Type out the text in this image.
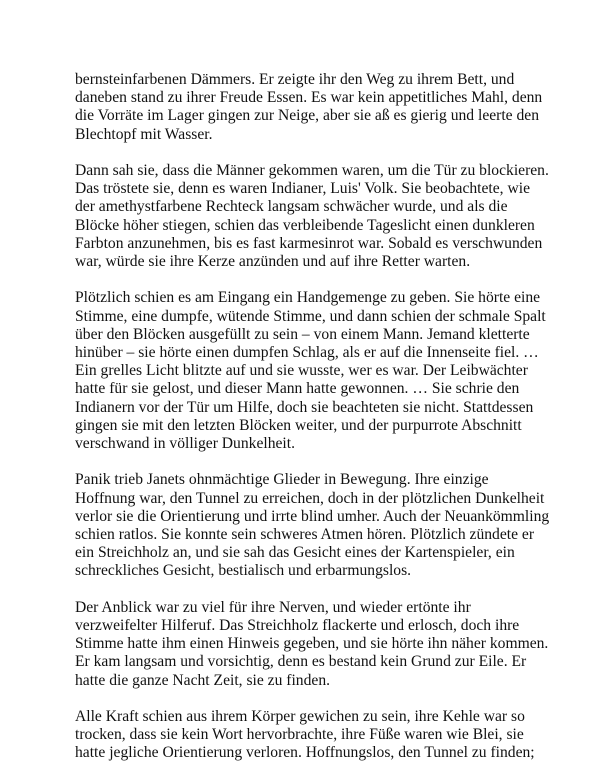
bernsteinfarbenen Dämmers. Er zeigte ihr den Weg zu ihrem Bett, und
daneben stand zu ihrer Freude Essen. Es war kein appetitliches Mahl, denn
die Vorräte im Lager gingen zur Neige, aber sie aß es gierig und leerte den
Blechtopf mit Wasser.

Dann sah sie, dass die Männer gekommen waren, um die Tür zu blockieren.
Das tröstete sie, denn es waren Indianer, Luis' Volk. Sie beobachtete, wie
der amethystfarbene Rechteck langsam schwächer wurde, und als die
Blöcke höher stiegen, schien das verbleibende Tageslicht einen dunkleren
Farbton anzunehmen, bis es fast karmesinrot war. Sobald es verschwunden
war, würde sie ihre Kerze anzünden und auf ihre Retter warten.

Plötzlich schien es am Eingang ein Handgemenge zu geben. Sie hörte eine
Stimme, eine dumpfe, wütende Stimme, und dann schien der schmale Spalt
über den Blöcken ausgefüllt zu sein – von einem Mann. Jemand kletterte
hinüber – sie hörte einen dumpfen Schlag, als er auf die Innenseite fiel. …
Ein grelles Licht blitzte auf und sie wusste, wer es war. Der Leibwächter
hatte für sie gelost, und dieser Mann hatte gewonnen. … Sie schrie den
Indianern vor der Tür um Hilfe, doch sie beachteten sie nicht. Stattdessen
gingen sie mit den letzten Blöcken weiter, und der purpurrote Abschnitt
verschwand in völliger Dunkelheit.

Panik trieb Janets ohnmächtige Glieder in Bewegung. Ihre einzige
Hoffnung war, den Tunnel zu erreichen, doch in der plötzlichen Dunkelheit
verlor sie die Orientierung und irrte blind umher. Auch der Neuankömmling
schien ratlos. Sie konnte sein schweres Atmen hören. Plötzlich zündete er
ein Streichholz an, und sie sah das Gesicht eines der Kartenspieler, ein
schreckliches Gesicht, bestialisch und erbarmungslos.

Der Anblick war zu viel für ihre Nerven, und wieder ertönte ihr
verzweifelter Hilferuf. Das Streichholz flackerte und erlosch, doch ihre
Stimme hatte ihm einen Hinweis gegeben, und sie hörte ihn näher kommen.
Er kam langsam und vorsichtig, denn es bestand kein Grund zur Eile. Er
hatte die ganze Nacht Zeit, sie zu finden.

Alle Kraft schien aus ihrem Körper gewichen zu sein, ihre Kehle war so
trocken, dass sie kein Wort hervorbrachte, ihre Füße waren wie Blei, sie
hatte jegliche Orientierung verloren. Hoffnungslos, den Tunnel zu finden;
